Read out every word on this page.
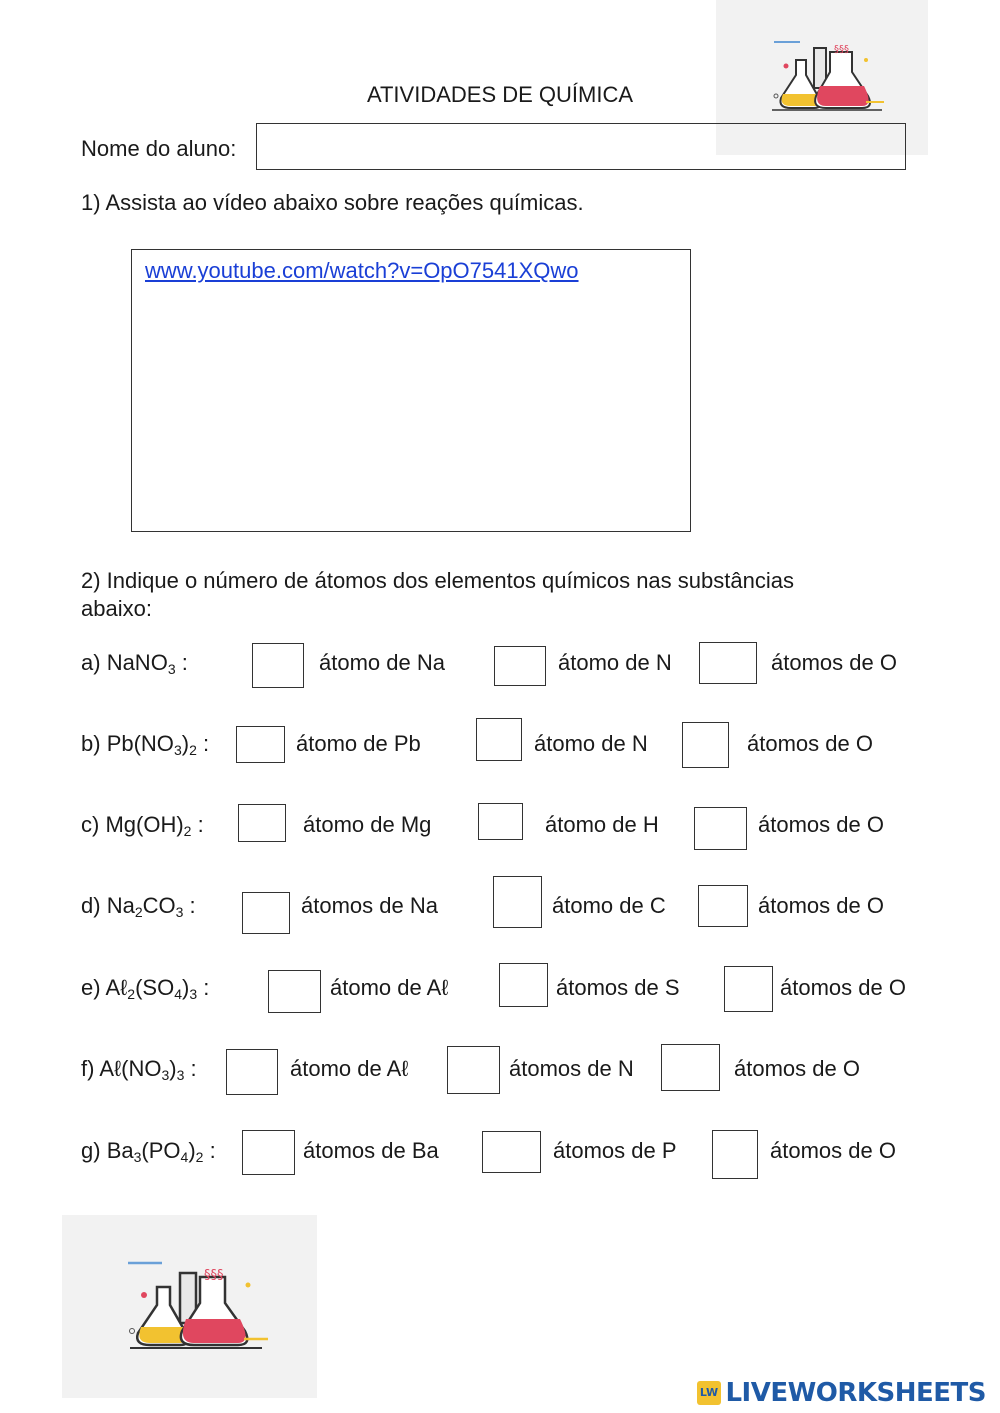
ATIVIDADES DE QUÍMICA
§§§
Nome do aluno:
1) Assista ao vídeo abaixo sobre reações químicas.
www.youtube.com/watch?v=OpO7541XQwo
2) Indique o número de átomos dos elementos químicos nas substâncias
abaixo:
a) NaNO$_3$ :	átomo de Na	átomo de N	átomos de O
b) $Pb(NO_3)_2$ :	átomo de Pb	átomo de N	átomos de O
c) $Mg(OH)_2$ :	átomo de Mg	átomo de H	átomos de O
d) $Na_2CO_3$ :	átomos de Na	átomo de C	átomos de O
e) $A\ell_2(SO_4)_3$ :	átomo de Aℓ	átomos de S	átomos de O
f) $A\ell(NO_3)_3$ :	átomo de Aℓ	átomos de N	átomos de O
g) $Ba_3(PO_4)_2$ :	átomos de Ba	átomos de P	átomos de O
§§§
LW LIVEWORKSHEETS
